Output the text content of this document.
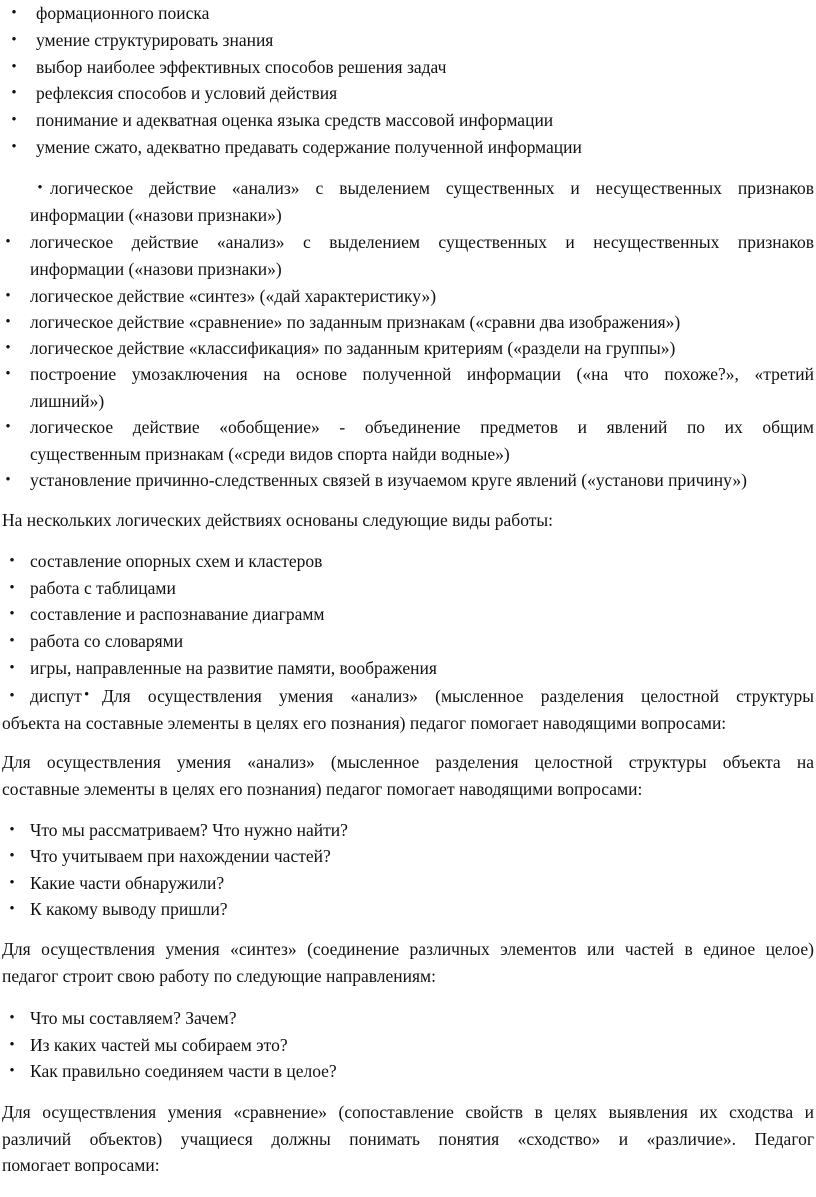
•	формационного поиска
•	умение структурировать знания
•	выбор наиболее эффективных способов решения задач
•	рефлексия способов и условий действия
•	понимание и адекватная оценка языка средств массовой информации
•	умение сжато, адекватно предавать содержание полученной информации
• логическое действие «анализ» с выделением существенных и несущественных признаков
информации («назови признаки»)
•	логическое действие «анализ» с выделением существенных и несущественных признаков
информации («назови признаки»)
•	логическое действие «синтез» («дай характеристику»)
•	логическое действие «сравнение» по заданным признакам («сравни два изображения»)
•	логическое действие «классификация» по заданным критериям («раздели на группы»)
•	построение умозаключения на основе полученной информации («на что похоже?», «третий
лишний»)
•	логическое действие «обобщение» - объединение предметов и явлений по их общим
существенным признакам («среди видов спорта найди водные»)
•	установление причинно-следственных связей в изучаемом круге явлений («установи причину»)
На нескольких логических действиях основаны следующие виды работы:
• составление опорных схем и кластеров
• работа с таблицами
• составление и распознавание диаграмм
• работа со словарями
• игры, направленные на развитие памяти, воображения
• диспут • Для осуществления умения «анализ» (мысленное разделения целостной структуры
объекта на составные элементы в целях его познания) педагог помогает наводящими вопросами:
Для осуществления умения «анализ» (мысленное разделения целостной структуры объекта на
составные элементы в целях его познания) педагог помогает наводящими вопросами:
• Что мы рассматриваем? Что нужно найти?
• Что учитываем при нахождении частей?
• Какие части обнаружили?
• К какому выводу пришли?
Для осуществления умения «синтез» (соединение различных элементов или частей в единое целое)
педагог строит свою работу по следующие направлениям:
• Что мы составляем? Зачем?
• Из каких частей мы собираем это?
• Как правильно соединяем части в целое?
Для осуществления умения «сравнение» (сопоставление свойств в целях выявления их сходства и
различий объектов) учащиеся должны понимать понятия «сходство» и «различие». Педагог
помогает вопросами:
